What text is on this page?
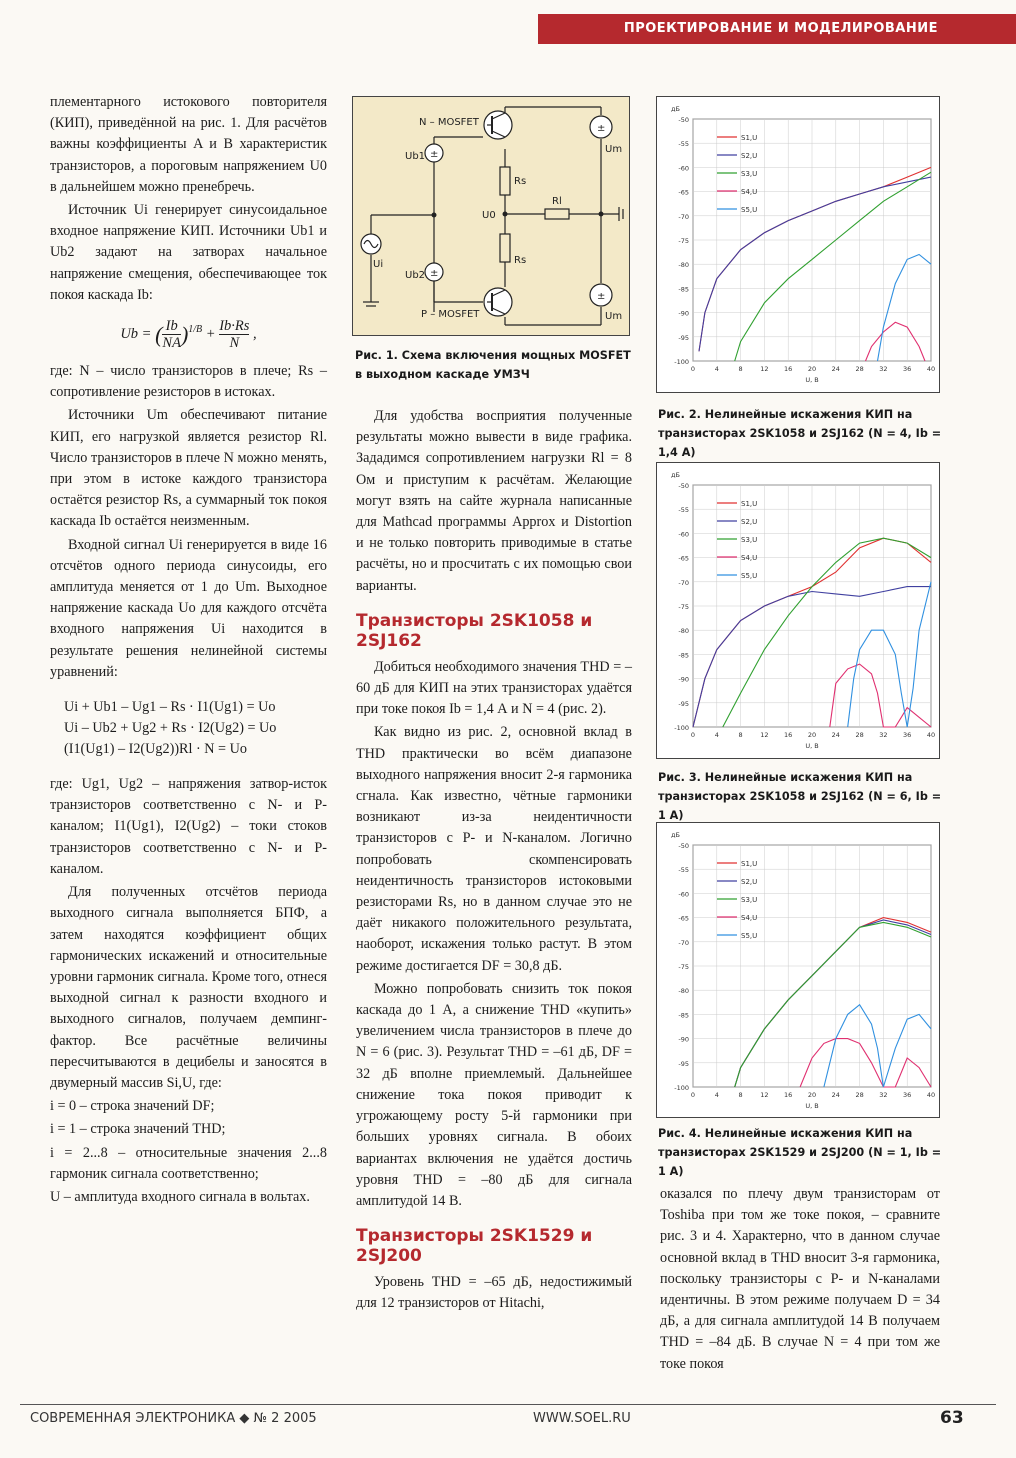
ПРОЕКТИРОВАНИЕ И МОДЕЛИРОВАНИЕ

плементарного истокового повторителя (КИП), приведённой на рис. 1. Для расчётов важны коэффициенты A и B характеристик транзисторов, а пороговым напряжением U0 в дальнейшем можно пренебречь.

Источник Ui генерирует синусоидальное входное напряжение КИП. Источники Ub1 и Ub2 задают на затворах начальное напряжение смещения, обеспечивающее ток покоя каскада Ib:

Ub = ( $\frac{Ib}{NA} )^{1/B} + \frac{Ib\cdot Rs}{N}$ ,

где: N – число транзисторов в плече; Rs – сопротивление резисторов в истоках.

Источники Um обеспечивают питание КИП, его нагрузкой является резистор Rl. Число транзисторов в плече N можно менять, при этом в истоке каждого транзистора остаётся резистор Rs, а суммарный ток покоя каскада Ib остаётся неизменным.

Входной сигнал Ui генерируется в виде 16 отсчётов одного периода синусоиды, его амплитуда меняется от 1 до Um. Выходное напряжение каскада Uo для каждого отсчёта входного напряжения Ui находится в результате решения нелинейной системы уравнений:

Ui + Ub1 – Ug1 – Rs · I1(Ug1) = Uo
Ui – Ub2 + Ug2 + Rs · I2(Ug2) = Uo
(I1(Ug1) – I2(Ug2))Rl · N = Uo

где: Ug1, Ug2 – напряжения затвор-исток транзисторов соответственно с N- и P-каналом; I1(Ug1), I2(Ug2) – токи стоков транзисторов соответственно с N- и P-каналом.

Для полученных отсчётов периода выходного сигнала выполняется БПФ, а затем находятся коэффициент общих гармонических искажений и относительные уровни гармоник сигнала. Кроме того, отнеся выходной сигнал к разности входного и выходного сигналов, получаем демпинг-фактор. Все расчётные величины пересчитываются в децибелы и заносятся в двумерный массив Si,U, где:

i = 0 – строка значений DF;

i = 1 – строка значений THD;

i = 2...8 – относительные значения 2...8 гармоник сигнала соответственно;

U – амплитуда входного сигнала в вольтах.

±
±
±
±
N – MOSFET
P – MOSFET
Ub1
Ub2
Ui
U0
Rs
Rs
Rl
Um
Um
Рис. 1. Схема включения мощных MOSFET в выходном каскаде УМЗЧ

Для удобства восприятия полученные результаты можно вывести в виде графика. Зададимся сопротивлением нагрузки Rl = 8 Ом и приступим к расчётам. Желающие могут взять на сайте журнала написанные для Mathcad программы Approx и Distortion и не только повторить приводимые в статье расчёты, но и просчитать с их помощью свои варианты.

Транзисторы 2SK1058 и 2SJ162

Добиться необходимого значения THD = –60 дБ для КИП на этих транзисторах удаётся при токе покоя Ib = 1,4 А и N = 4 (рис. 2).

Как видно из рис. 2, основной вклад в THD практически во всём диапазоне выходного напряжения вносит 2-я гармоника сгнала. Как известно, чётные гармоники возникают из-за неидентичности транзисторов с P- и N-каналом. Логично попробовать скомпенсировать неидентичность транзисторов истоковыми резисторами Rs, но в данном случае это не даёт никакого положительного результата, наоборот, искажения только растут. В этом режиме достигается DF = 30,8 дБ.

Можно попробовать снизить ток покоя каскада до 1 А, а снижение THD «купить» увеличением числа транзисторов в плече до N = 6 (рис. 3). Результат THD = –61 дБ, DF = 32 дБ вполне приемлемый. Дальнейшее снижение тока покоя приводит к угрожающему росту 5-й гармоники при больших уровнях сигнала. В обоих вариантах включения не удаётся достичь уровня THD = –80 дБ для сигнала амплитудой 14 В.

Транзисторы 2SK1529 и 2SJ200

Уровень THD = –65 дБ, недостижимый для 12 транзисторов от Hitachi,

-50
-55
-60
-65
-70
-75
-80
-85
-90
-95
-100
0	4	8	12 16 20 24 28 32 36 40
дБ
U, В
S1,U
S2,U
S3,U
S4,U
S5,U
Рис. 2. Нелинейные искажения КИП на транзисторах 2SK1058 и 2SJ162 (N = 4, Ib = 1,4 А)
-50
-55
-60
-65
-70
-75
-80
-85
-90
-95
-100
0	4	8	12 16 20 24 28 32 36 40
дБ
U, В
S1,U
S2,U
S3,U
S4,U
S5,U
Рис. 3. Нелинейные искажения КИП на транзисторах 2SK1058 и 2SJ162 (N = 6, Ib = 1 А)
-50
-55
-60
-65
-70
-75
-80
-85
-90
-95
-100
0	4	8	12 16 20 24 28 32 36 40
дБ
U, В
S1,U
S2,U
S3,U
S4,U
S5,U
Рис. 4. Нелинейные искажения КИП на транзисторах 2SK1529 и 2SJ200 (N = 1, Ib = 1 А)

оказался по плечу двум транзисторам от Toshiba при том же токе покоя, – сравните рис. 3 и 4. Характерно, что в данном случае основной вклад в THD вносит 3-я гармоника, поскольку транзисторы с P- и N-каналами идентичны. В этом режиме получаем D = 34 дБ, а для сигнала амплитудой 14 В получаем THD = –84 дБ. В случае N = 4 при том же токе покоя

СОВРЕМЕННАЯ ЭЛЕКТРОНИКА ◆ № 2 2005	WWW.SOEL.RU	63
